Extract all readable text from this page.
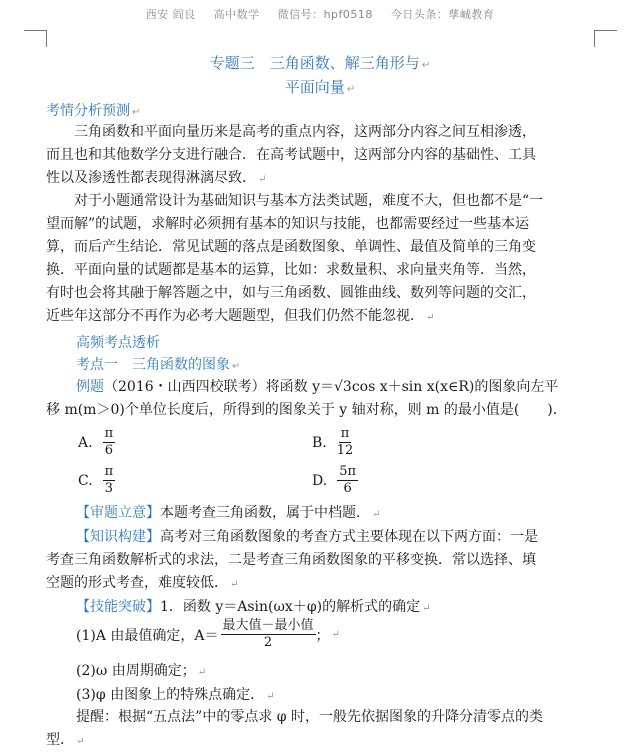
西安 阎良 高中数学 微信号：hpf0518 今日头条：孳峸教育
专题三　三角函数、解三角形与 ↵
平面向量 ↵
考情分析预测 ↵
三角函数和平面向量历来是高考的重点内容，这两部分内容之间互相渗透，
而且也和其他数学分支进行融合．在高考试题中，这两部分内容的基础性、工具
性以及渗透性都表现得淋漓尽致． ↵
对于小题通常设计为基础知识与基本方法类试题，难度不大，但也都不是“一
望而解”的试题，求解时必须拥有基本的知识与技能，也都需要经过一些基本运
算，而后产生结论．常见试题的落点是函数图象、单调性、最值及简单的三角变
换．平面向量的试题都是基本的运算，比如：求数量积、求向量夹角等．当然，
有时也会将其融于解答题之中，如与三角函数、圆锥曲线、数列等问题的交汇，
近些年这部分不再作为必考大题题型，但我们仍然不能忽视． ↵
高频考点透析
考点一　三角函数的图象 ↵
例题（2016・山西四校联考）将函数 y＝√3cos x＋sin x(x∈R)的图象向左平
移 m(m＞0)个单位长度后，所得到的图象关于 y 轴对称，则 m 的最小值是(　　)．
A. $\frac{\pi}{6}$	B. $\frac{\pi}{12}$
C. $\frac{\pi}{3}$	D. $\frac{5\pi}{6}$
【审题立意】本题考查三角函数，属于中档题． ↵
【知识构建】高考对三角函数图象的考查方式主要体现在以下两方面：一是
考查三角函数解析式的求法，二是考查三角函数图象的平移变换．常以选择、填
空题的形式考查，难度较低． ↵
【技能突破】1．函数 y＝Asin(ωx＋φ)的解析式的确定 ↵
(1)A 由最值确定，$A= \frac{\text{最大值－最小值}}{2}$ ； ↵
(2)ω 由周期确定； ↵
(3)φ 由图象上的特殊点确定． ↵
提醒：根据“五点法”中的零点求 φ 时，一般先依据图象的升降分清零点的类
型． ↵
